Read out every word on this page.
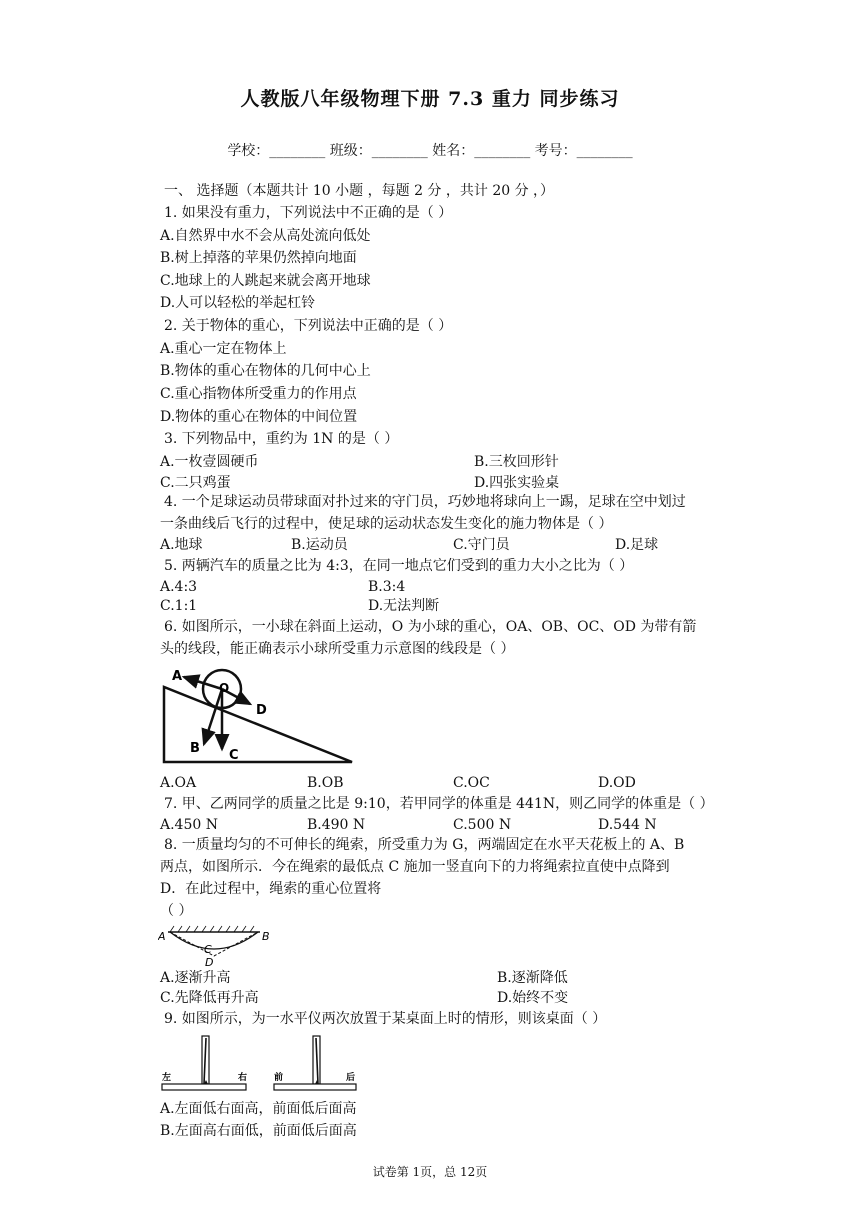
人教版八年级物理下册 7.3 重力 同步练习
学校：________ 班级：________ 姓名：________ 考号：________
一、 选择题（本题共计 10 小题 ，每题 2 分 ，共计 20 分 ，）
1. 如果没有重力，下列说法中不正确的是（ ）
A.自然界中水不会从高处流向低处
B.树上掉落的苹果仍然掉向地面
C.地球上的人跳起来就会离开地球
D.人可以轻松的举起杠铃
2. 关于物体的重心，下列说法中正确的是（ ）
A.重心一定在物体上
B.物体的重心在物体的几何中心上
C.重心指物体所受重力的作用点
D.物体的重心在物体的中间位置
3. 下列物品中，重约为 1N 的是（ ）
A.一枚壹圆硬币	B.三枚回形针
C.二只鸡蛋	D.四张实验桌
4. 一个足球运动员带球面对扑过来的守门员，巧妙地将球向上一踢，足球在空中划过
一条曲线后飞行的过程中，使足球的运动状态发生变化的施力物体是（ ）
A.地球	B.运动员	C.守门员	D.足球
5. 两辆汽车的质量之比为 4:3，在同一地点它们受到的重力大小之比为（ ）
A.4:3	B.3:4
C.1:1	D.无法判断
6. 如图所示，一小球在斜面上运动，O 为小球的重心，OA、OB、OC、OD 为带有箭
头的线段，能正确表示小球所受重力示意图的线段是（ ）
A
O
D
B C
A.OA	B.OB	C.OC	D.OD
7. 甲、乙两同学的质量之比是 9:10，若甲同学的体重是 441N，则乙同学的体重是（ ）
A.450 N	B.490 N	C.500 N	D.544 N
8. 一质量均匀的不可伸长的绳索，所受重力为 G，两端固定在水平天花板上的 A、B
两点，如图所示．今在绳索的最低点 C 施加一竖直向下的力将绳索拉直使中点降到
D．在此过程中，绳索的重心位置将
（ ）
A	B
C
D
A.逐渐升高	B.逐渐降低
C.先降低再升高	D.始终不变
9. 如图所示，为一水平仪两次放置于某桌面上时的情形，则该桌面（ ）
左	右	前	后
A.左面低右面高，前面低后面高
B.左面高右面低，前面低后面高
试卷第 1页，总 12页
